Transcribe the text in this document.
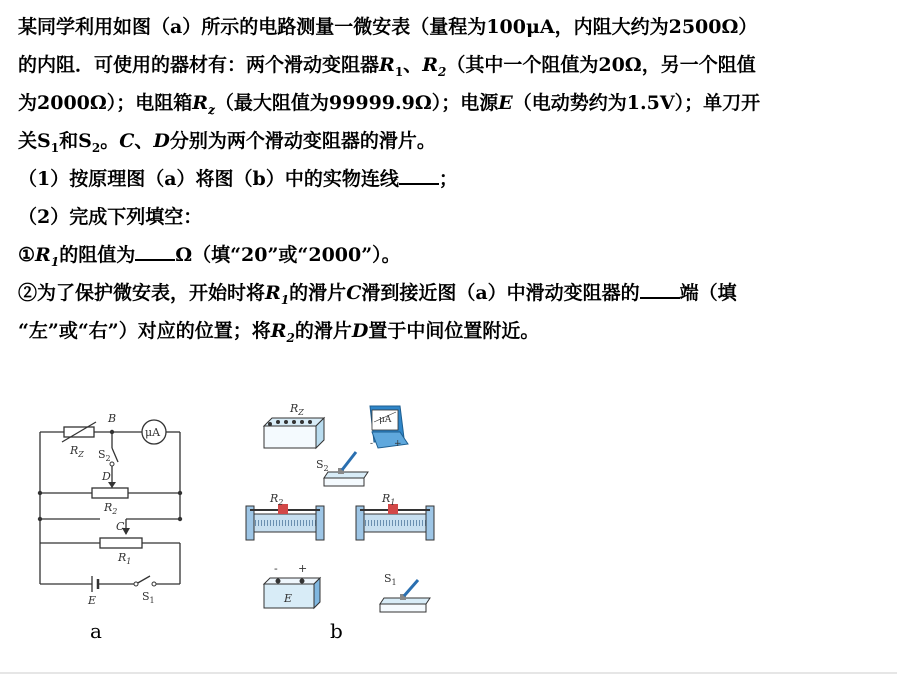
某同学利用如图（a）所示的电路测量一微安表（量程为100μA，内阻大约为2500Ω）
的内阻．可使用的器材有：两个滑动变阻器$R_1$、$R_2$（其中一个阻值为20Ω，另一个阻值
为2000Ω）；电阻箱$R_z$（最大阻值为99999.9Ω）；电源E（电动势约为1.5V）；单刀开
关$S_1$和$S_2$。C、D分别为两个滑动变阻器的滑片。
（1）按原理图（a）将图（b）中的实物连线 ；
（2）完成下列填空：
$①R_1$的阻值为 Ω（填“20”或“2000”）。
②为了保护微安表，开始时将$R_1$的滑片C滑到接近图（a）中滑动变阻器的 端（填
“左”或“右”）对应的位置；将$R_2$的滑片D置于中间位置附近。
μA
$R_Z$
B
$S_2$
D
$R_2$
C
$R_1$
E	$S_1$
a
$R_Z$
μA
- +
$S_2$
$R_2$	$R_1$
- +
E
$S_1$
b
